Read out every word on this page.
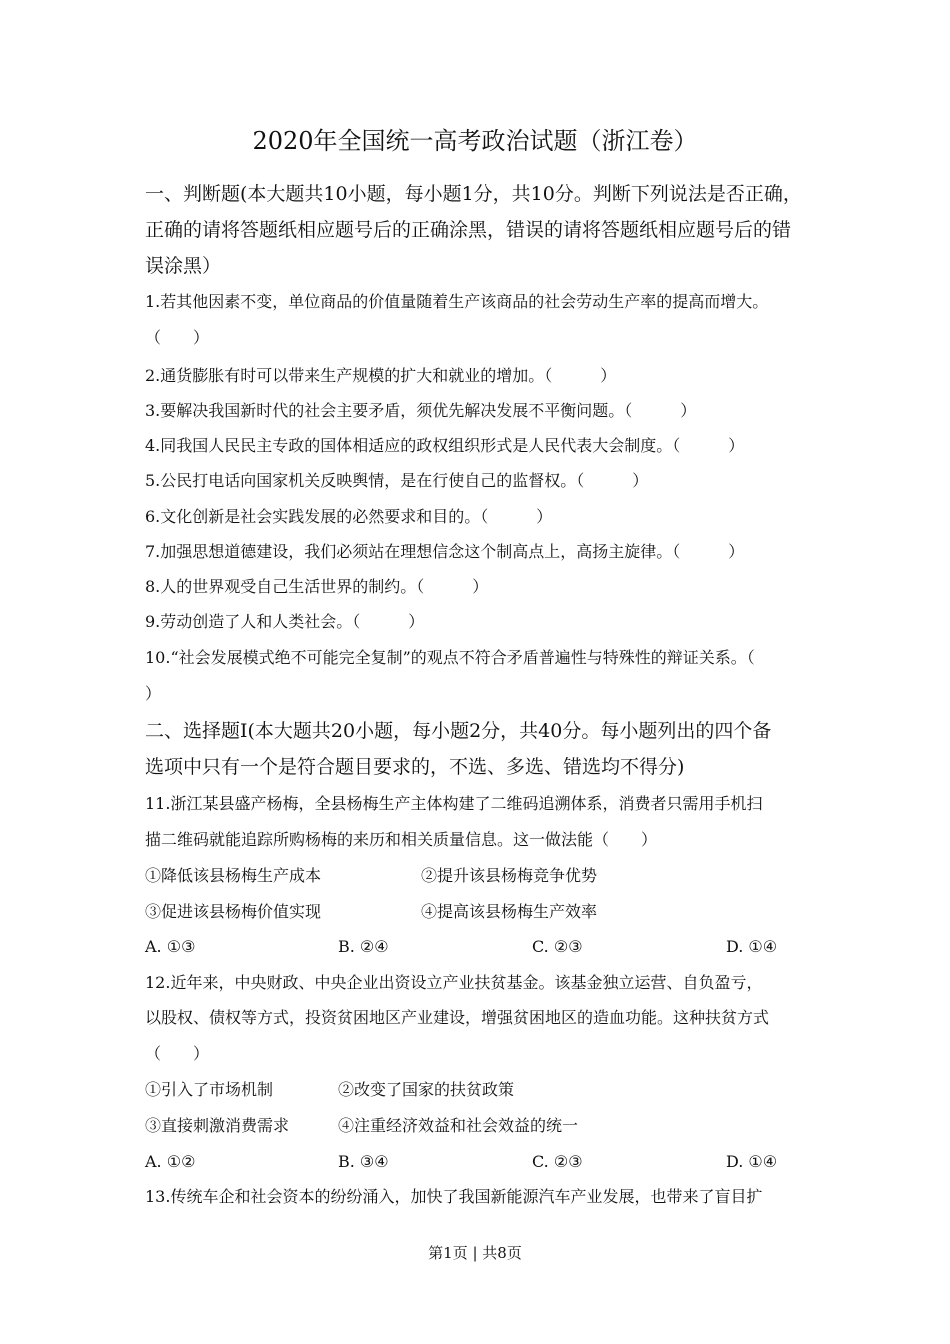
2020年全国统一高考政治试题（浙江卷）
一、判断题(本大题共10小题，每小题1分，共10分。判断下列说法是否正确，
正确的请将答题纸相应题号后的正确涂黑，错误的请将答题纸相应题号后的错
误涂黑）
1.若其他因素不变，单位商品的价值量随着生产该商品的社会劳动生产率的提高而增大。
（　　）
2.通货膨胀有时可以带来生产规模的扩大和就业的增加。（　　　）
3.要解决我国新时代的社会主要矛盾，须优先解决发展不平衡问题。（　　　）
4.同我国人民民主专政的国体相适应的政权组织形式是人民代表大会制度。（　　　）
5.公民打电话向国家机关反映舆情，是在行使自己的监督权。（　　　）
6.文化创新是社会实践发展的必然要求和目的。（　　　）
7.加强思想道德建设，我们必须站在理想信念这个制高点上，高扬主旋律。（　　　）
8.人的世界观受自己生活世界的制约。（　　　）
9.劳动创造了人和人类社会。（　　　）
10.“社会发展模式绝不可能完全复制”的观点不符合矛盾普遍性与特殊性的辩证关系。（
）
二、选择题Ⅰ(本大题共20小题，每小题2分，共40分。每小题列出的四个备
选项中只有一个是符合题目要求的，不选、多选、错选均不得分)
11.浙江某县盛产杨梅，全县杨梅生产主体构建了二维码追溯体系，消费者只需用手机扫
描二维码就能追踪所购杨梅的来历和相关质量信息。这一做法能（　　）
①降低该县杨梅生产成本	②提升该县杨梅竞争优势
③促进该县杨梅价值实现	④提高该县杨梅生产效率
A. ①③	B. ②④	C. ②③	D. ①④
12.近年来，中央财政、中央企业出资设立产业扶贫基金。该基金独立运营、自负盈亏，
以股权、债权等方式，投资贫困地区产业建设，增强贫困地区的造血功能。这种扶贫方式
（　　）
①引入了市场机制	②改变了国家的扶贫政策
③直接刺激消费需求	④注重经济效益和社会效益的统一
A. ①②	B. ③④	C. ②③	D. ①④
13.传统车企和社会资本的纷纷涌入，加快了我国新能源汽车产业发展，也带来了盲目扩
第1页 | 共8页
